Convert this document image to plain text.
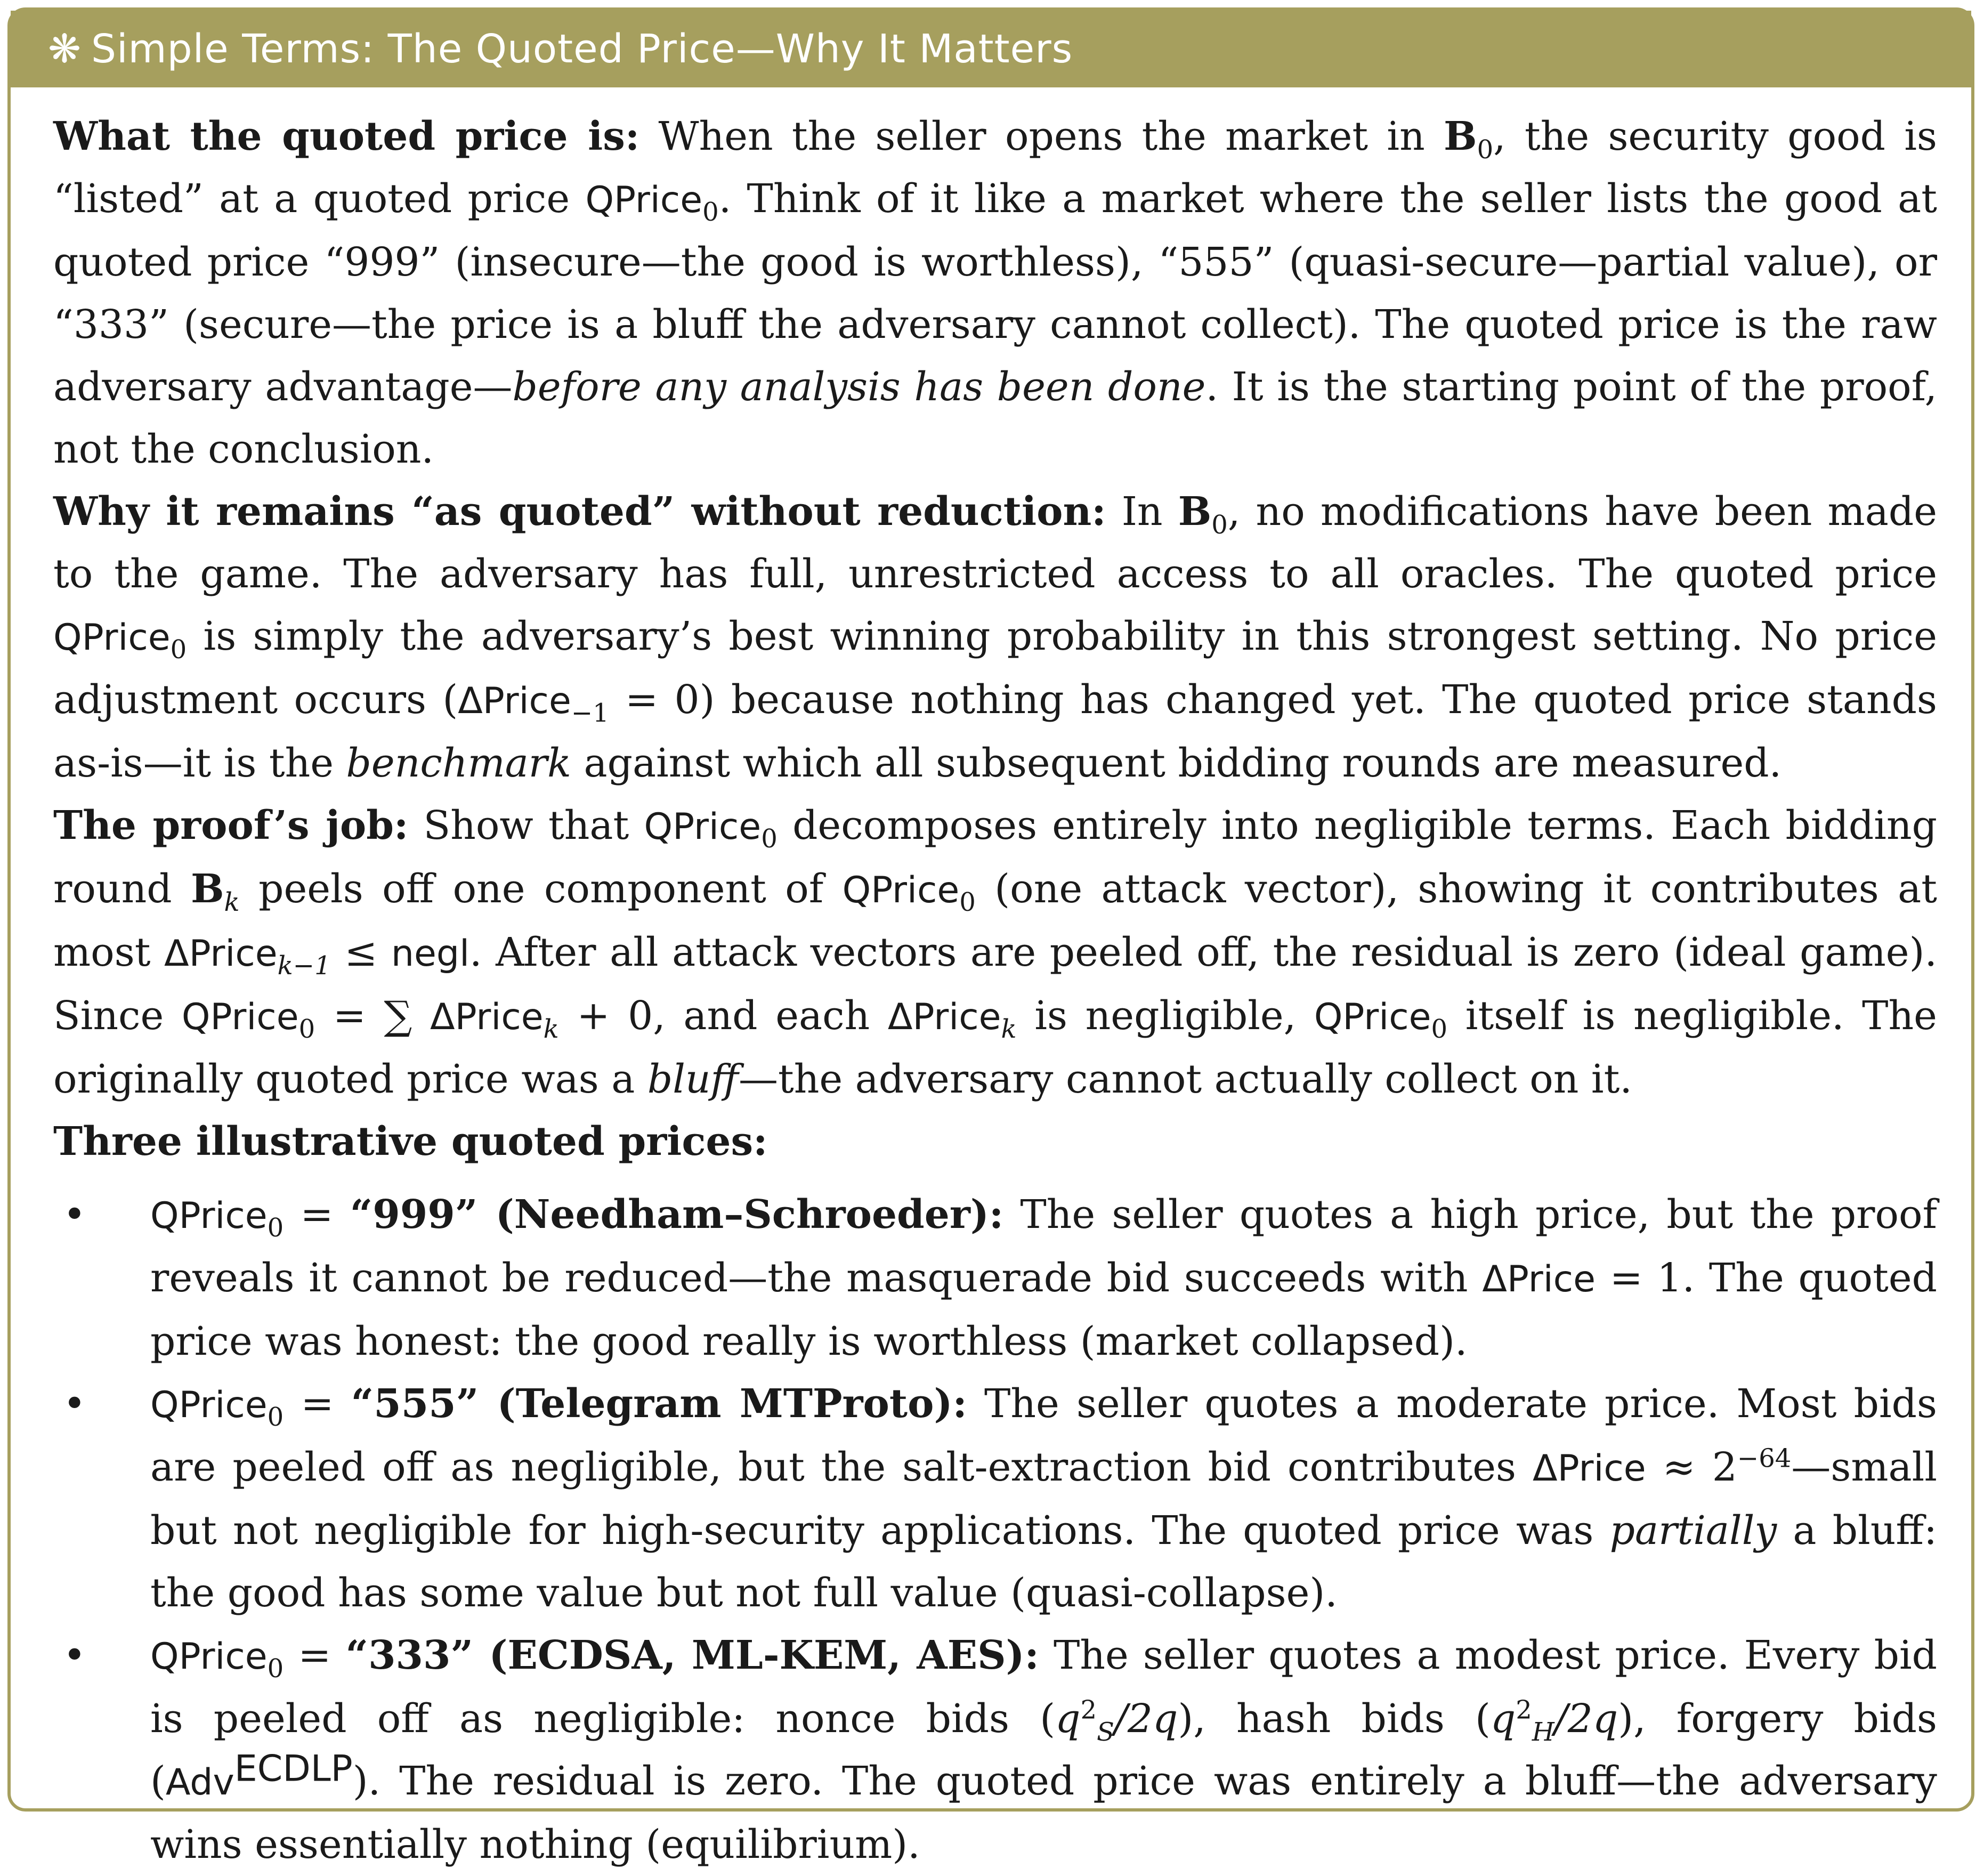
❋ Simple Terms: The Quoted Price—Why It Matters

What the quoted price is: When the seller opens the market in $B_0$, the security good is “listed” at a quoted price QPrice$_0$. Think of it like a market where the seller lists the good at quoted price “999” (insecure—the good is worthless), “555” (quasi-secure—partial value), or “333” (secure—the price is a bluff the adversary cannot collect). The quoted price is the raw adversary advantage—before any analysis has been done. It is the starting point of the proof, not the conclusion.

Why it remains “as quoted” without reduction: In $B_0$, no modifications have been made to the game. The adversary has full, unrestricted access to all oracles. The quoted price QPrice$_0$ is simply the adversary’s best winning probability in this strongest setting. No price adjustment occurs (ΔPrice$_{-1}$ = 0) because nothing has changed yet. The quoted price stands as-is—it is the benchmark against which all subsequent bidding rounds are measured.

The proof’s job: Show that QPrice$_0$ decomposes entirely into negligible terms. Each bidding round $B_k$ peels off one component of QPrice$_0$ (one attack vector), showing it contributes at most ΔPrice$_{k-1}$ ≤ negl. After all attack vectors are peeled off, the residual is zero (ideal game). Since QPrice$_0$ = ∑ ΔPrice$_k$ + 0, and each ΔPrice$_k$ is negligible, QPrice$_0$ itself is negligible. The originally quoted price was a bluff—the adversary cannot actually collect on it.

Three illustrative quoted prices:

• QPrice$_0$ = “999” (Needham–Schroeder): The seller quotes a high price, but the proof reveals it cannot be reduced—the masquerade bid succeeds with ΔPrice = 1. The quoted price was honest: the good really is worthless (market collapsed).
• QPrice$_0$ = “555” (Telegram MTProto): The seller quotes a moderate price. Most bids are peeled off as negligible, but the salt-extraction bid contributes ΔPrice ≈ $2^{-64}—small$ but not negligible for high-security applications. The quoted price was partially a bluff: the good has some value but not full value (quasi-collapse).
• QPrice$_0$ = “333” (ECDSA, ML-KEM, AES): The seller quotes a modest price. Every bid is peeled off as negligible: nonce bids $(q^2_S/2q)$, hash bids $(q^2_H/2q)$, forgery bids (Adv$^{ECDLP}$). The residual is zero. The quoted price was entirely a bluff—the adversary wins essentially nothing (equilibrium).
